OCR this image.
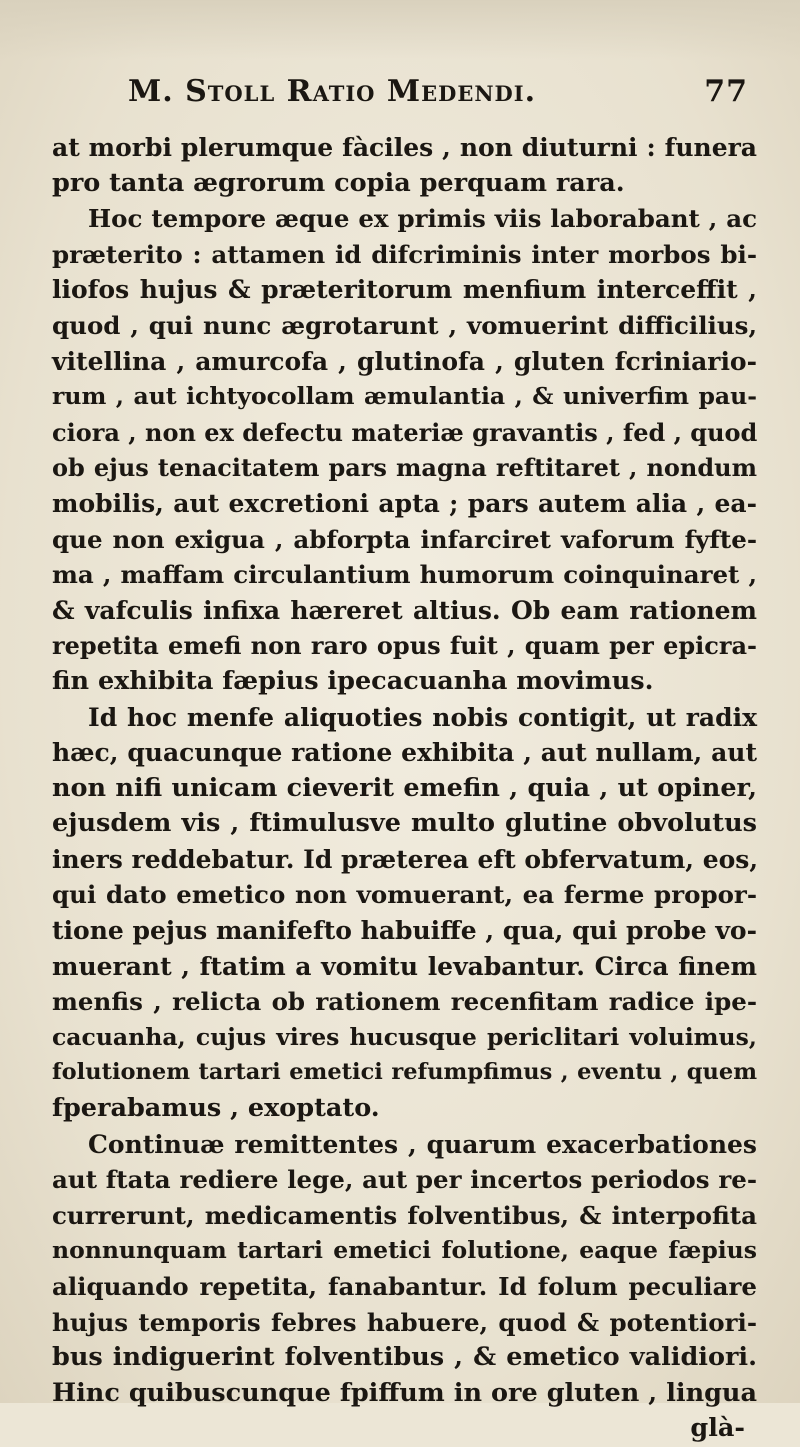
M. Stoll Ratio Medendi.	77
at morbi plerumque fàciles , non diuturni : funera
pro tanta ægrorum copia perquam rara.
Hoc tempore æque ex primis viis laborabant , ac
præterito : attamen id difcriminis inter morbos bi-
liofos hujus & præteritorum menfium interceffit ,
quod , qui nunc ægrotarunt , vomuerint difficilius,
vitellina , amurcofa , glutinofa , gluten fcriniario-
rum , aut ichtyocollam æmulantia , & univerfim pau-
ciora , non ex defectu materiæ gravantis , fed , quod
ob ejus tenacitatem pars magna reftitaret , nondum
mobilis, aut excretioni apta ; pars autem alia , ea-
que non exigua , abforpta infarciret vaforum fyfte-
ma , maffam circulantium humorum coinquinaret ,
& vafculis infixa hæreret altius. Ob eam rationem
repetita emefi non raro opus fuit , quam per epicra-
fin exhibita fæpius ipecacuanha movimus.
Id hoc menfe aliquoties nobis contigit, ut radix
hæc, quacunque ratione exhibita , aut nullam, aut
non nifi unicam cieverit emefin , quia , ut opiner,
ejusdem vis , ftimulusve multo glutine obvolutus
iners reddebatur. Id præterea eft obfervatum, eos,
qui dato emetico non vomuerant, ea ferme propor-
tione pejus manifefto habuiffe , qua, qui probe vo-
muerant , ftatim a vomitu levabantur. Circa finem
menfis , relicta ob rationem recenfitam radice ipe-
cacuanha, cujus vires hucusque periclitari voluimus,
folutionem tartari emetici refumpfimus , eventu , quem
fperabamus , exoptato.
Continuæ remittentes , quarum exacerbationes
aut ftata rediere lege, aut per incertos periodos re-
currerunt, medicamentis folventibus, & interpofita
nonnunquam tartari emetici folutione, eaque fæpius
aliquando repetita, fanabantur. Id folum peculiare
hujus temporis febres habuere, quod & potentiori-
bus indiguerint folventibus , & emetico validiori.
Hinc quibuscunque fpiffum in ore gluten , lingua
glà-
